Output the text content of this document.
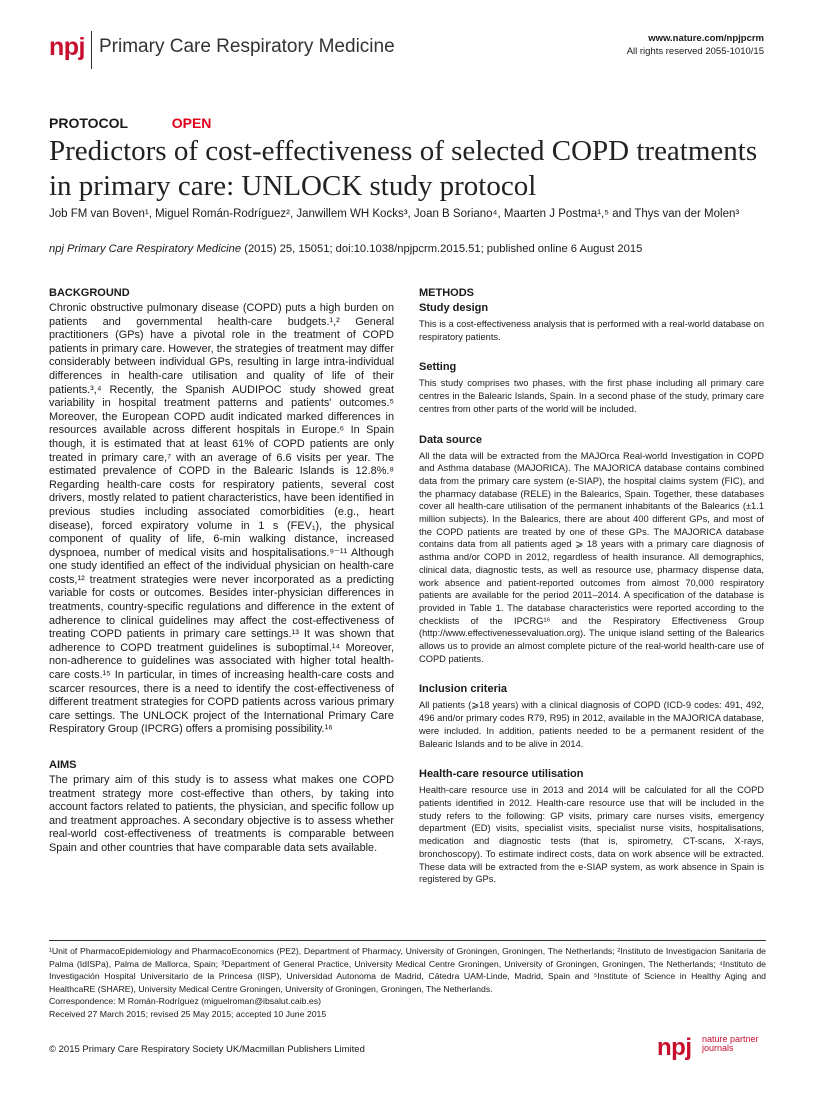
npj Primary Care Respiratory Medicine	www.nature.com/npjpcrm
All rights reserved 2055-1010/15
PROTOCOL	OPEN
Predictors of cost-effectiveness of selected COPD treatments in primary care: UNLOCK study protocol
Job FM van Boven¹, Miguel Román-Rodríguez², Janwillem WH Kocks³, Joan B Soriano⁴, Maarten J Postma¹,⁵ and Thys van der Molen³
npj Primary Care Respiratory Medicine (2015) 25, 15051; doi:10.1038/npjpcrm.2015.51; published online 6 August 2015
BACKGROUND

Chronic obstructive pulmonary disease (COPD) puts a high burden on patients and governmental health-care budgets.¹,² General practitioners (GPs) have a pivotal role in the treatment of COPD patients in primary care. However, the strategies of treatment may differ considerably between individual GPs, resulting in large intra-individual differences in health-care utilisation and quality of life of their patients.³,⁴ Recently, the Spanish AUDIPOC study showed great variability in hospital treatment patterns and patients' outcomes.⁵ Moreover, the European COPD audit indicated marked differences in resources available across different hospitals in Europe.⁶ In Spain though, it is estimated that at least 61% of COPD patients are only treated in primary care,⁷ with an average of 6.6 visits per year. The estimated prevalence of COPD in the Balearic Islands is 12.8%.⁸ Regarding health-care costs for respiratory patients, several cost drivers, mostly related to patient characteristics, have been identified in previous studies including associated comorbidities (e.g., heart disease), forced expiratory volume in 1 s (FEV₁), the physical component of quality of life, 6-min walking distance, increased dyspnoea, number of medical visits and hospitalisations.⁹⁻¹¹ Although one study identified an effect of the individual physician on health-care costs,¹² treatment strategies were never incorporated as a predicting variable for costs or outcomes. Besides inter-physician differences in treatments, country-specific regulations and difference in the extent of adherence to clinical guidelines may affect the cost-effectiveness of treating COPD patients in primary care settings.¹³ It was shown that adherence to COPD treatment guidelines is suboptimal.¹⁴ Moreover, non-adherence to guidelines was associated with higher total health-care costs.¹⁵ In particular, in times of increasing health-care costs and scarcer resources, there is a need to identify the cost-effectiveness of different treatment strategies for COPD patients across various primary care settings. The UNLOCK project of the International Primary Care Respiratory Group (IPCRG) offers a promising possibility.¹⁶

AIMS

The primary aim of this study is to assess what makes one COPD treatment strategy more cost-effective than others, by taking into account factors related to patients, the physician, and specific follow up and treatment approaches. A secondary objective is to assess whether real-world cost-effectiveness of treatments is comparable between Spain and other countries that have comparable data sets available.

METHODS
Study design

This is a cost-effectiveness analysis that is performed with a real-world database on respiratory patients.

Setting

This study comprises two phases, with the first phase including all primary care centres in the Balearic Islands, Spain. In a second phase of the study, primary care centres from other parts of the world will be included.

Data source

All the data will be extracted from the MAJOrca Real-world Investigation in COPD and Asthma database (MAJORICA). The MAJORICA database contains combined data from the primary care system (e-SIAP), the hospital claims system (FIC), and the pharmacy database (RELE) in the Balearics, Spain. Together, these databases cover all health-care utilisation of the permanent inhabitants of the Balearics (±1.1 million subjects). In the Balearics, there are about 400 different GPs, and most of the COPD patients are treated by one of these GPs. The MAJORICA database contains data from all patients aged ⩾ 18 years with a primary care diagnosis of asthma and/or COPD in 2012, regardless of health insurance. All demographics, clinical data, diagnostic tests, as well as resource use, pharmacy dispense data, work absence and patient-reported outcomes from almost 70,000 respiratory patients are available for the period 2011–2014. A specification of the database is provided in Table 1. The database characteristics were reported according to the checklists of the IPCRG¹⁶ and the Respiratory Effectiveness Group (http://www.effectivenessevaluation.org). The unique island setting of the Balearics allows us to provide an almost complete picture of the real-world health-care use of COPD patients.

Inclusion criteria

All patients (⩾18 years) with a clinical diagnosis of COPD (ICD-9 codes: 491, 492, 496 and/or primary codes R79, R95) in 2012, available in the MAJORICA database, were included. In addition, patients needed to be a permanent resident of the Balearic Islands and to be alive in 2014.

Health-care resource utilisation

Health-care resource use in 2013 and 2014 will be calculated for all the COPD patients identified in 2012. Health-care resource use that will be included in the study refers to the following: GP visits, primary care nurses visits, emergency department (ED) visits, specialist visits, specialist nurse visits, hospitalisations, medication and diagnostic tests (that is, spirometry, CT-scans, X-rays, bronchoscopy). To estimate indirect costs, data on work absence will be extracted. These data will be extracted from the e-SIAP system, as work absence in Spain is registered by GPs.

¹Unit of PharmacoEpidemiology and PharmacoEconomics (PE2), Department of Pharmacy, University of Groningen, Groningen, The Netherlands; ²Instituto de Investigacion Sanitaria de Palma (IdISPa), Palma de Mallorca, Spain; ³Department of General Practice, University Medical Centre Groningen, University of Groningen, Groningen, The Netherlands; ⁴Instituto de Investigación Hospital Universitario de la Princesa (IISP), Universidad Autonoma de Madrid, Cátedra UAM-Linde, Madrid, Spain and ⁵Institute of Science in Healthy Aging and HealthcaRE (SHARE), University Medical Centre Groningen, University of Groningen, Groningen, The Netherlands.

Correspondence: M Román-Rodríguez (miguelroman@ibsalut.caib.es)

Received 27 March 2015; revised 25 May 2015; accepted 10 June 2015

© 2015 Primary Care Respiratory Society UK/Macmillan Publishers Limited	npj nature partner journals
